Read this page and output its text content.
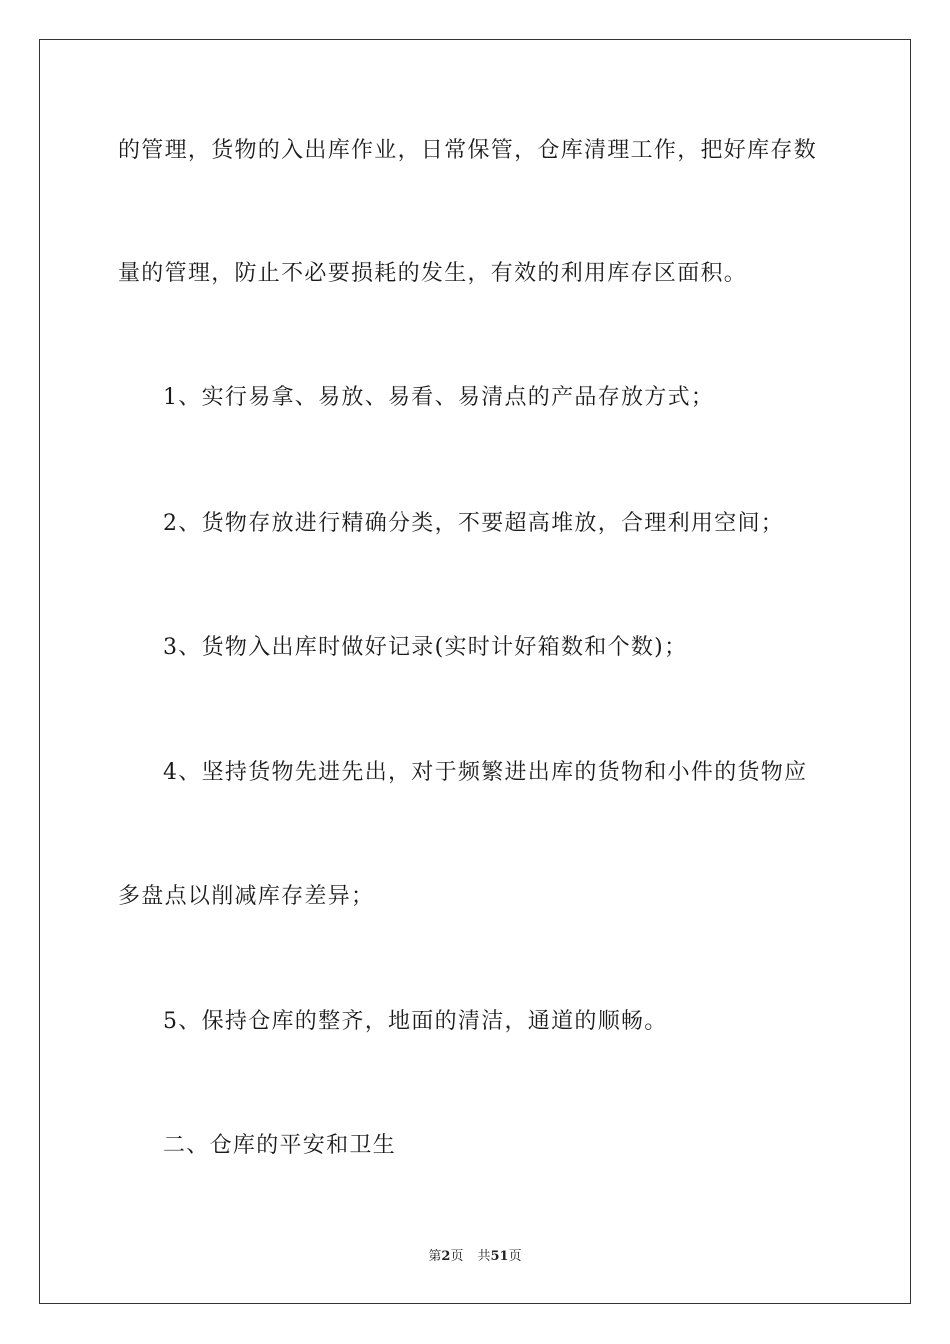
的管理，货物的入出库作业，日常保管，仓库清理工作，把好库存数
量的管理，防止不必要损耗的发生，有效的利用库存区面积。
1、实行易拿、易放、易看、易清点的产品存放方式；
2、货物存放进行精确分类，不要超高堆放，合理利用空间；
3、货物入出库时做好记录(实时计好箱数和个数)；
4、坚持货物先进先出，对于频繁进出库的货物和小件的货物应
多盘点以削减库存差异；
5、保持仓库的整齐，地面的清洁，通道的顺畅。
二、仓库的平安和卫生
第2页 共51页
